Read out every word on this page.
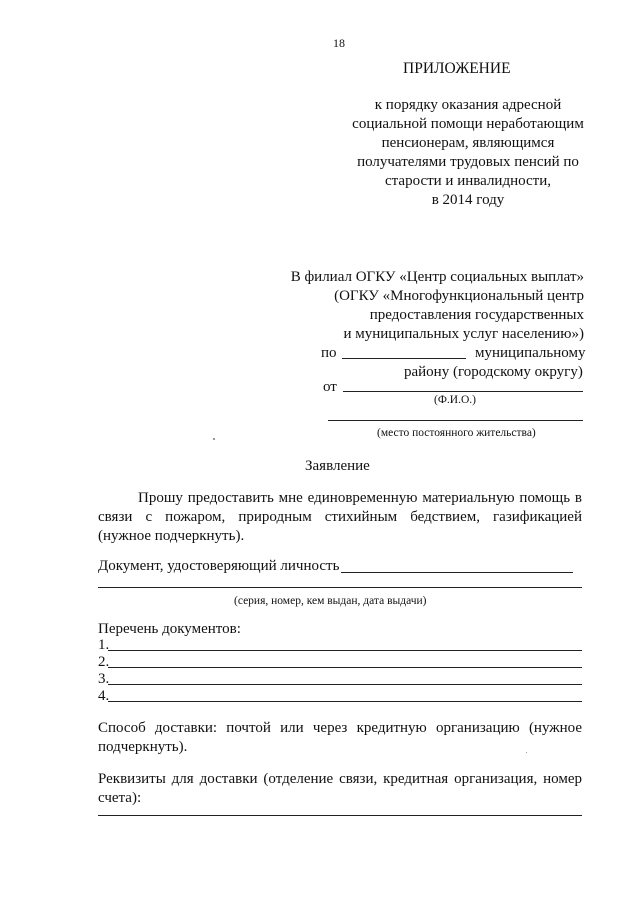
18
ПРИЛОЖЕНИЕ
к порядку оказания адресной
социальной помощи неработающим
пенсионерам, являющимся
получателями трудовых пенсий по
старости и инвалидности,
в 2014 году
В филиал ОГКУ «Центр социальных выплат»
(ОГКУ «Многофункциональный центр
предоставления государственных
и муниципальных услуг населению»)
по	муниципальному
району (городскому округу)
от
(Ф.И.О.)
(место постоянного жительства)
Заявление
Прошу предоставить мне единовременную материальную помощь в связи с пожаром, природным стихийным бедствием, газификацией (нужное подчеркнуть).
Документ, удостоверяющий личность
(серия, номер, кем выдан, дата выдачи)
Перечень документов:
1.
2.
3.
4.
Способ доставки: почтой или через кредитную организацию (нужное подчеркнуть).
Реквизиты для доставки (отделение связи, кредитная организация, номер счета):
